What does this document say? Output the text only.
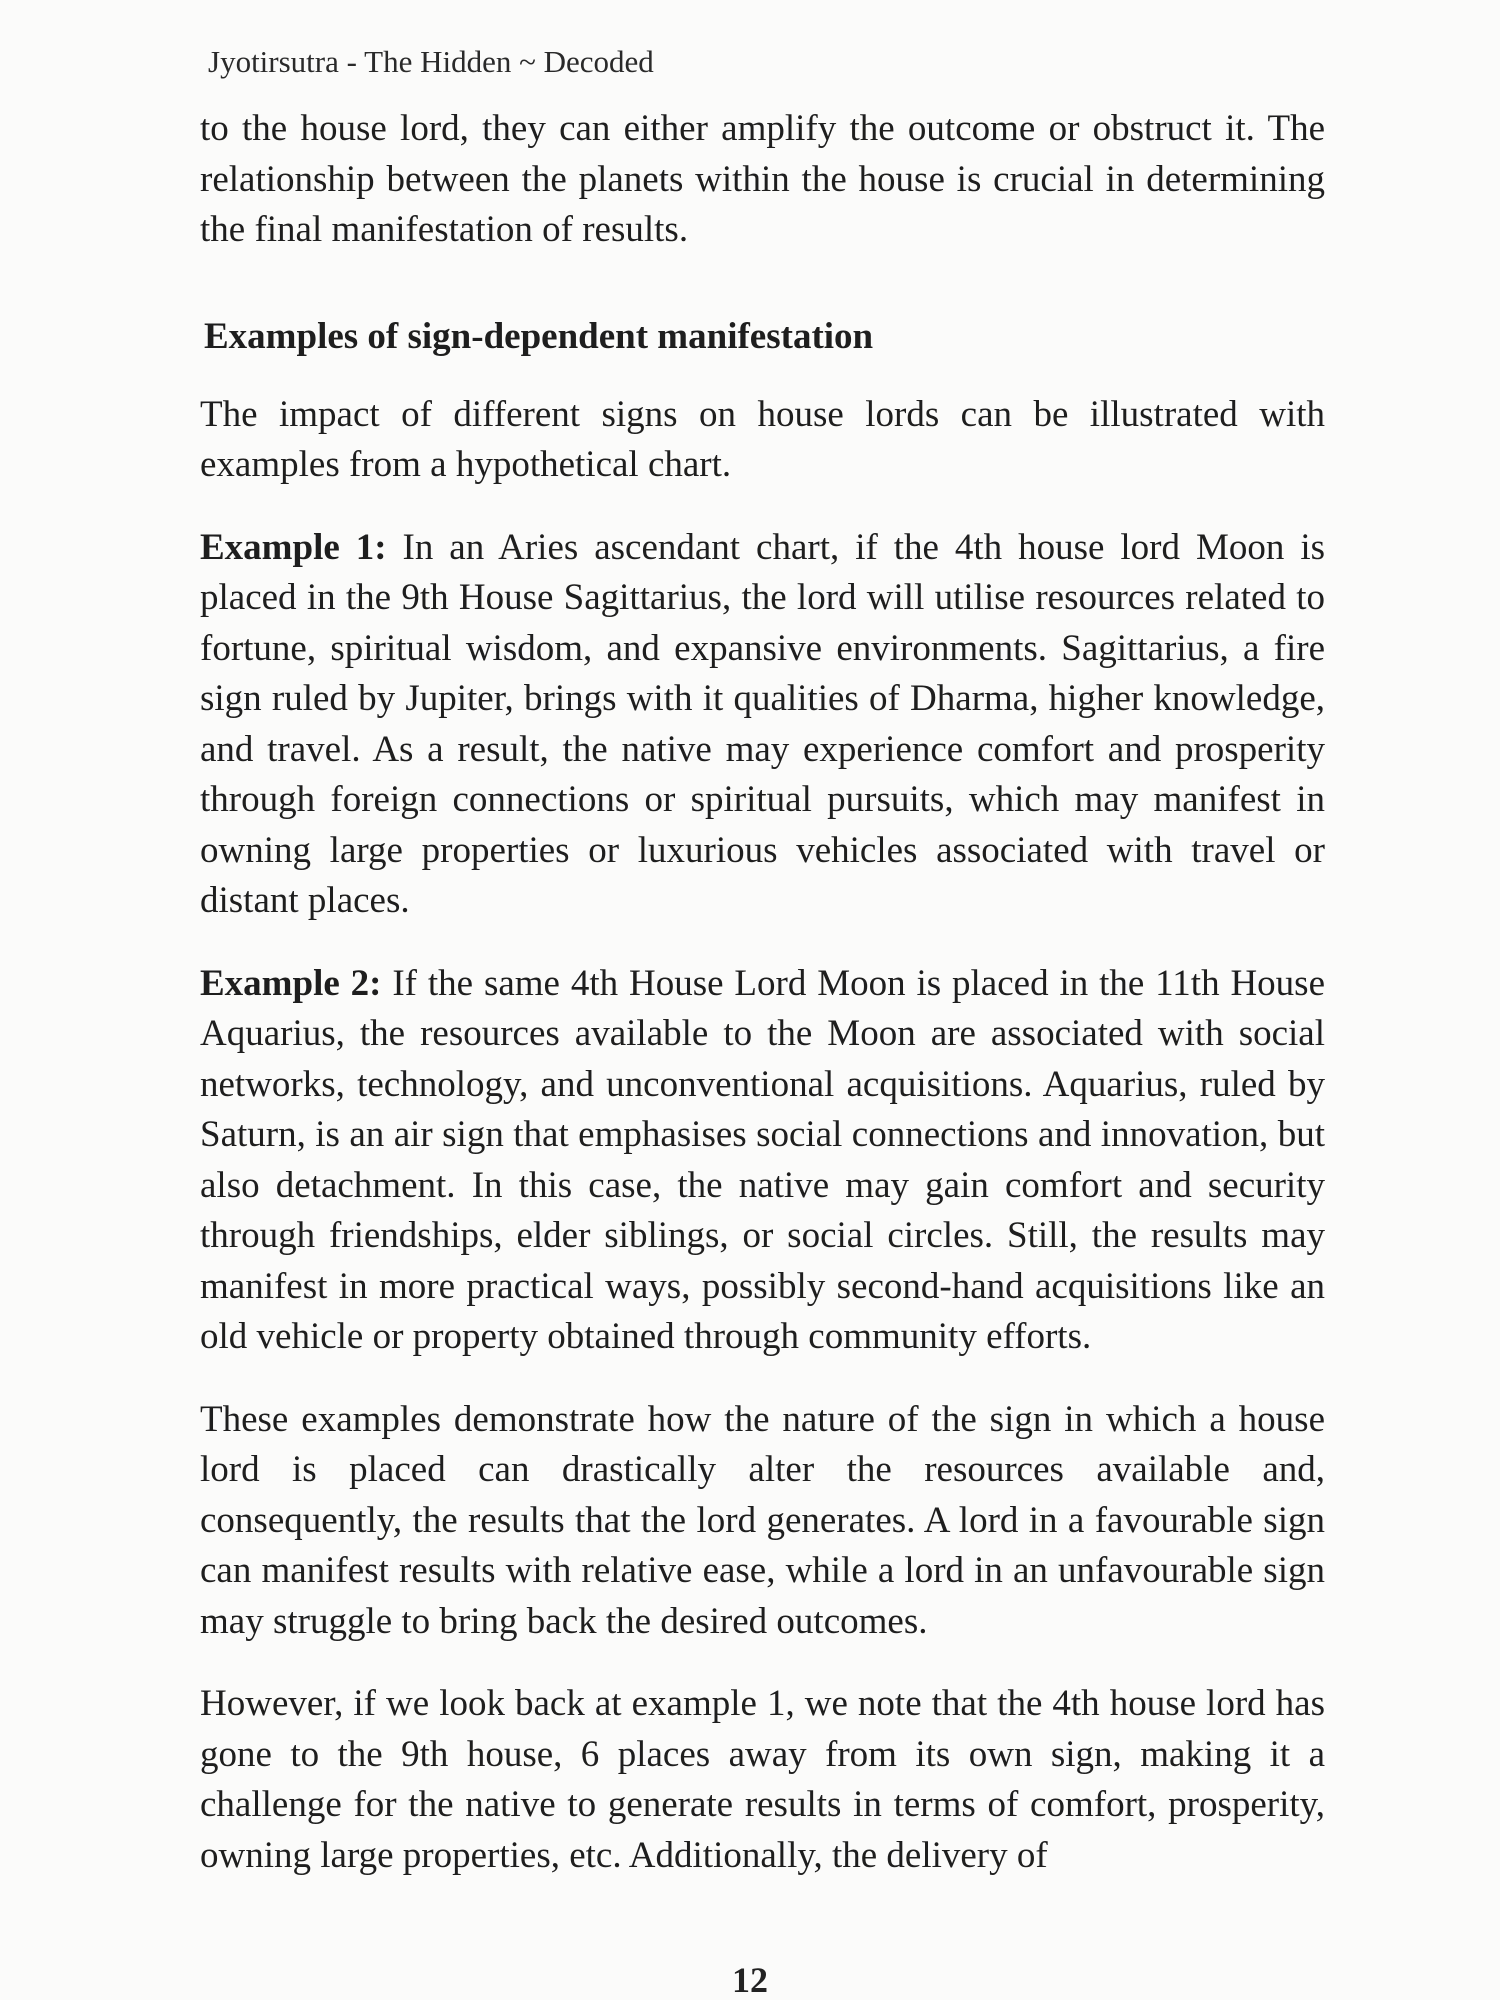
Jyotirsutra - The Hidden ~ Decoded

to the house lord, they can either amplify the outcome or obstruct it. The relationship between the planets within the house is crucial in determining the final manifestation of results.

Examples of sign-dependent manifestation

The impact of different signs on house lords can be illustrated with examples from a hypothetical chart.

Example 1: In an Aries ascendant chart, if the 4th house lord Moon is placed in the 9th House Sagittarius, the lord will utilise resources related to fortune, spiritual wisdom, and expansive environments. Sagittarius, a fire sign ruled by Jupiter, brings with it qualities of Dharma, higher knowledge, and travel. As a result, the native may experience comfort and prosperity through foreign connections or spiritual pursuits, which may manifest in owning large properties or luxurious vehicles associated with travel or distant places.

Example 2: If the same 4th House Lord Moon is placed in the 11th House Aquarius, the resources available to the Moon are associated with social networks, technology, and unconventional acquisitions. Aquarius, ruled by Saturn, is an air sign that emphasises social connections and innovation, but also detachment. In this case, the native may gain comfort and security through friendships, elder siblings, or social circles. Still, the results may manifest in more practical ways, possibly second-hand acquisitions like an old vehicle or property obtained through community efforts.

These examples demonstrate how the nature of the sign in which a house lord is placed can drastically alter the resources available and, consequently, the results that the lord generates. A lord in a favourable sign can manifest results with relative ease, while a lord in an unfavourable sign may struggle to bring back the desired outcomes.

However, if we look back at example 1, we note that the 4th house lord has gone to the 9th house, 6 places away from its own sign, making it a challenge for the native to generate results in terms of comfort, prosperity, owning large properties, etc. Additionally, the delivery of

12
